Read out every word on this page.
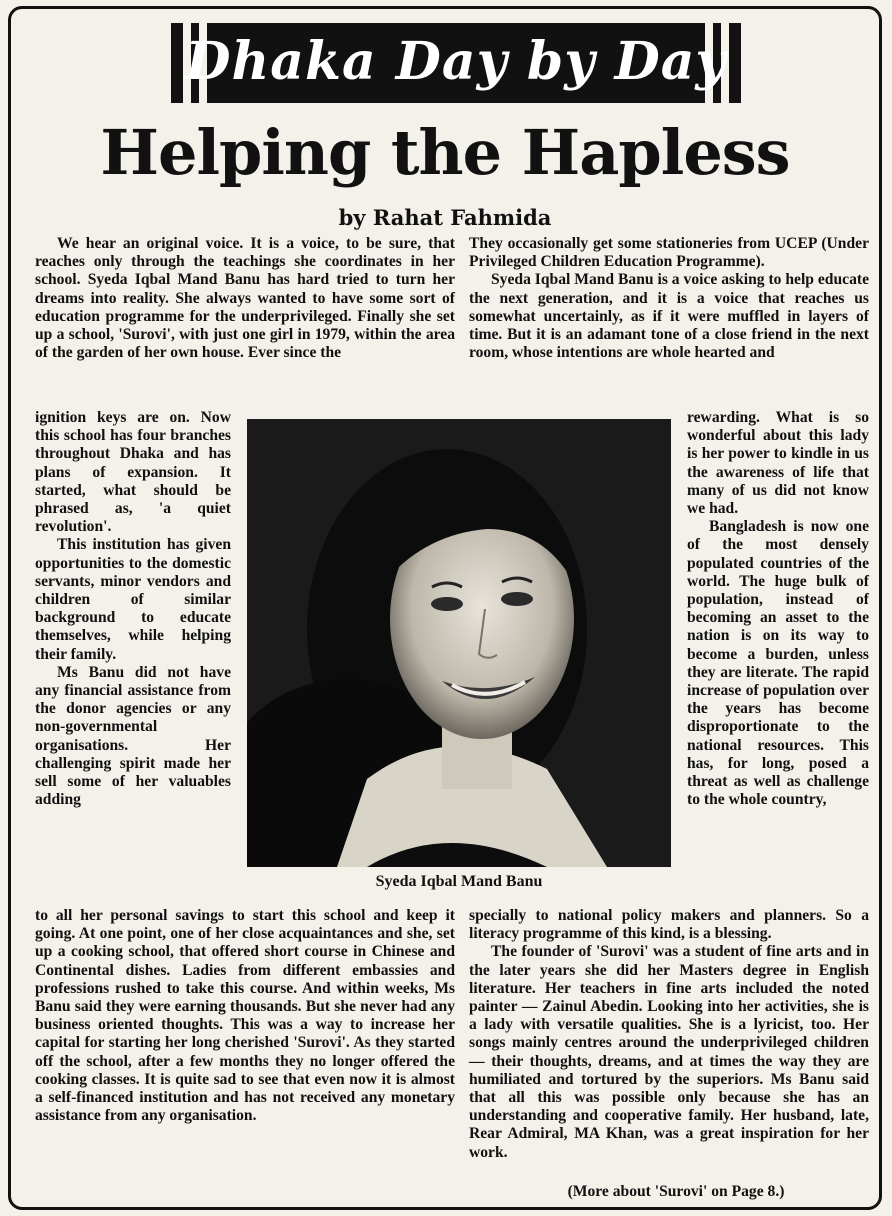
Dhaka Day by Day
Helping the Hapless
by Rahat Fahmida

We hear an original voice. It is a voice, to be sure, that reaches only through the teachings she coordinates in her school. Syeda Iqbal Mand Banu has hard tried to turn her dreams into reality. She always wanted to have some sort of education programme for the underprivileged. Finally she set up a school, 'Surovi', with just one girl in 1979, within the area of the garden of her own house. Ever since the

They occasionally get some stationeries from UCEP (Under Privileged Children Education Programme).

Syeda Iqbal Mand Banu is a voice asking to help educate the next generation, and it is a voice that reaches us somewhat uncertainly, as if it were muffled in layers of time. But it is an adamant tone of a close friend in the next room, whose intentions are whole hearted and

ignition keys are on. Now this school has four branches throughout Dhaka and has plans of expansion. It started, what should be phrased as, 'a quiet revolution'.

This institution has given opportunities to the domestic servants, minor vendors and children of similar background to educate themselves, while helping their family.

Ms Banu did not have any financial assistance from the donor agencies or any non-governmental organisations. Her challenging spirit made her sell some of her valuables adding

Syeda Iqbal Mand Banu

rewarding. What is so wonderful about this lady is her power to kindle in us the awareness of life that many of us did not know we had.

Bangladesh is now one of the most densely populated countries of the world. The huge bulk of population, instead of becoming an asset to the nation is on its way to become a burden, unless they are literate. The rapid increase of population over the years has become disproportionate to the national resources. This has, for long, posed a threat as well as challenge to the whole country,

to all her personal savings to start this school and keep it going. At one point, one of her close acquaintances and she, set up a cooking school, that offered short course in Chinese and Continental dishes. Ladies from different embassies and professions rushed to take this course. And within weeks, Ms Banu said they were earning thousands. But she never had any business oriented thoughts. This was a way to increase her capital for starting her long cherished 'Surovi'. As they started off the school, after a few months they no longer offered the cooking classes. It is quite sad to see that even now it is almost a self-financed institution and has not received any monetary assistance from any organisation.

specially to national policy makers and planners. So a literacy programme of this kind, is a blessing.

The founder of 'Surovi' was a student of fine arts and in the later years she did her Masters degree in English literature. Her teachers in fine arts included the noted painter — Zainul Abedin. Looking into her activities, she is a lady with versatile qualities. She is a lyricist, too. Her songs mainly centres around the underprivileged children — their thoughts, dreams, and at times the way they are humiliated and tortured by the superiors. Ms Banu said that all this was possible only because she has an understanding and cooperative family. Her husband, late, Rear Admiral, MA Khan, was a great inspiration for her work.

(More about 'Surovi' on Page 8.)
